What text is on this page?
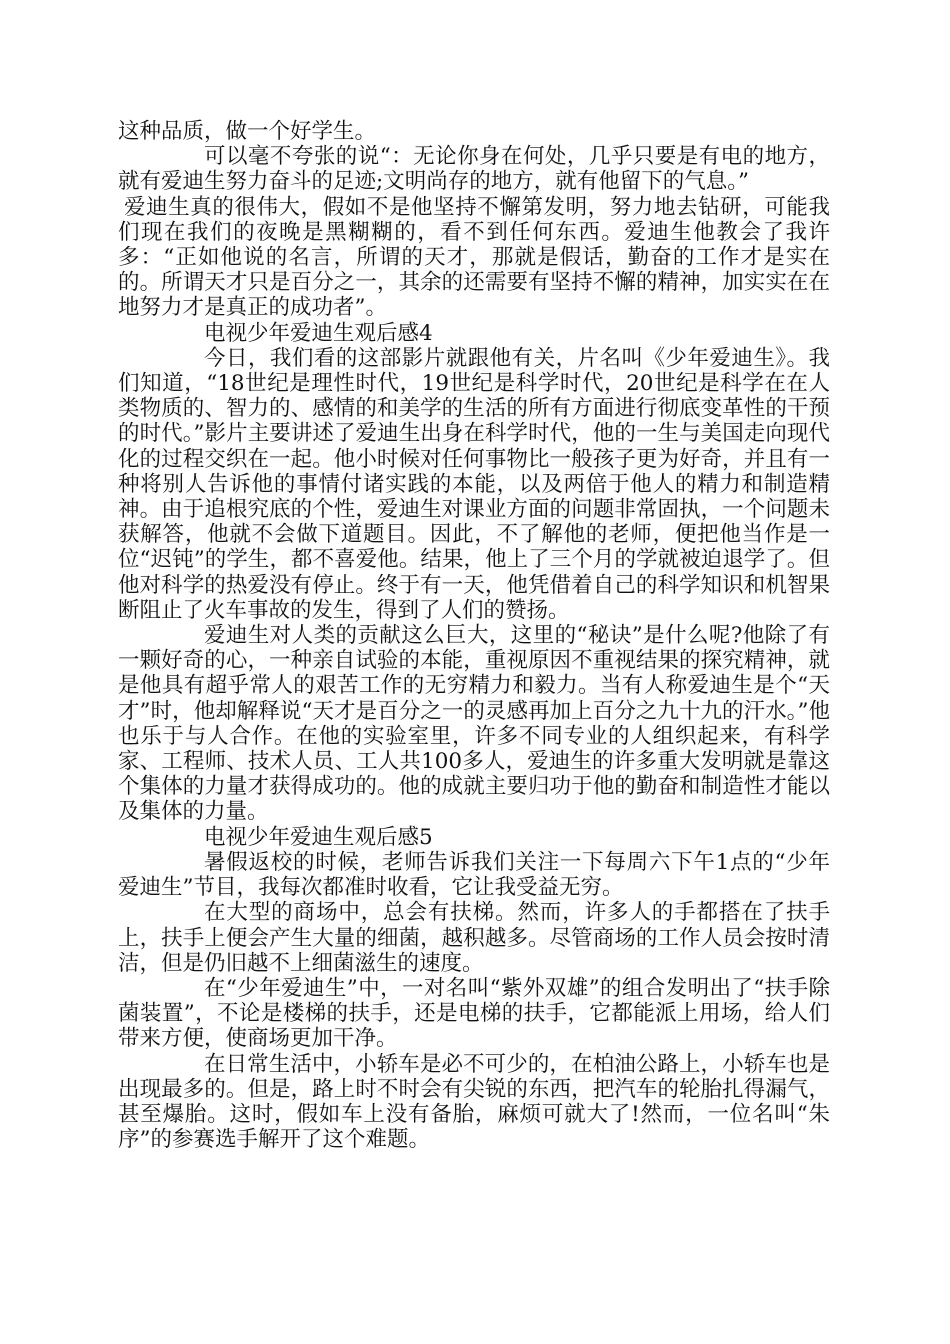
这种品质，做一个好学生。

可以毫不夸张的说“：无论你身在何处，几乎只要是有电的地方，就有爱迪生努力奋斗的足迹;文明尚存的地方，就有他留下的气息。”

爱迪生真的很伟大，假如不是他坚持不懈第发明，努力地去钻研，可能我们现在我们的夜晚是黑糊糊的，看不到任何东西。爱迪生他教会了我许多：“正如他说的名言，所谓的天才，那就是假话，勤奋的工作才是实在的。所谓天才只是百分之一，其余的还需要有坚持不懈的精神，加实实在在地努力才是真正的成功者”。

电视少年爱迪生观后感4

今日，我们看的这部影片就跟他有关，片名叫《少年爱迪生》。我们知道，“18世纪是理性时代，19世纪是科学时代，20世纪是科学在在人类物质的、智力的、感情的和美学的生活的所有方面进行彻底变革性的干预的时代。”影片主要讲述了爱迪生出身在科学时代，他的一生与美国走向现代化的过程交织在一起。他小时候对任何事物比一般孩子更为好奇，并且有一种将别人告诉他的事情付诸实践的本能，以及两倍于他人的精力和制造精神。由于追根究底的个性，爱迪生对课业方面的问题非常固执，一个问题未获解答，他就不会做下道题目。因此，不了解他的老师，便把他当作是一位“迟钝”的学生，都不喜爱他。结果，他上了三个月的学就被迫退学了。但他对科学的热爱没有停止。终于有一天，他凭借着自己的科学知识和机智果断阻止了火车事故的发生，得到了人们的赞扬。

爱迪生对人类的贡献这么巨大，这里的“秘诀”是什么呢?他除了有一颗好奇的心，一种亲自试验的本能，重视原因不重视结果的探究精神，就是他具有超乎常人的艰苦工作的无穷精力和毅力。当有人称爱迪生是个“天才”时，他却解释说“天才是百分之一的灵感再加上百分之九十九的汗水。”他也乐于与人合作。在他的实验室里，许多不同专业的人组织起来，有科学家、工程师、技术人员、工人共100多人，爱迪生的许多重大发明就是靠这个集体的力量才获得成功的。他的成就主要归功于他的勤奋和制造性才能以及集体的力量。

电视少年爱迪生观后感5

暑假返校的时候，老师告诉我们关注一下每周六下午1点的“少年爱迪生”节目，我每次都准时收看，它让我受益无穷。

在大型的商场中，总会有扶梯。然而，许多人的手都搭在了扶手上，扶手上便会产生大量的细菌，越积越多。尽管商场的工作人员会按时清洁，但是仍旧越不上细菌滋生的速度。

在“少年爱迪生”中，一对名叫“紫外双雄”的组合发明出了“扶手除菌装置”，不论是楼梯的扶手，还是电梯的扶手，它都能派上用场，给人们带来方便，使商场更加干净。

在日常生活中，小轿车是必不可少的，在柏油公路上，小轿车也是出现最多的。但是，路上时不时会有尖锐的东西，把汽车的轮胎扎得漏气，甚至爆胎。这时，假如车上没有备胎，麻烦可就大了!然而，一位名叫“朱序”的参赛选手解开了这个难题。
